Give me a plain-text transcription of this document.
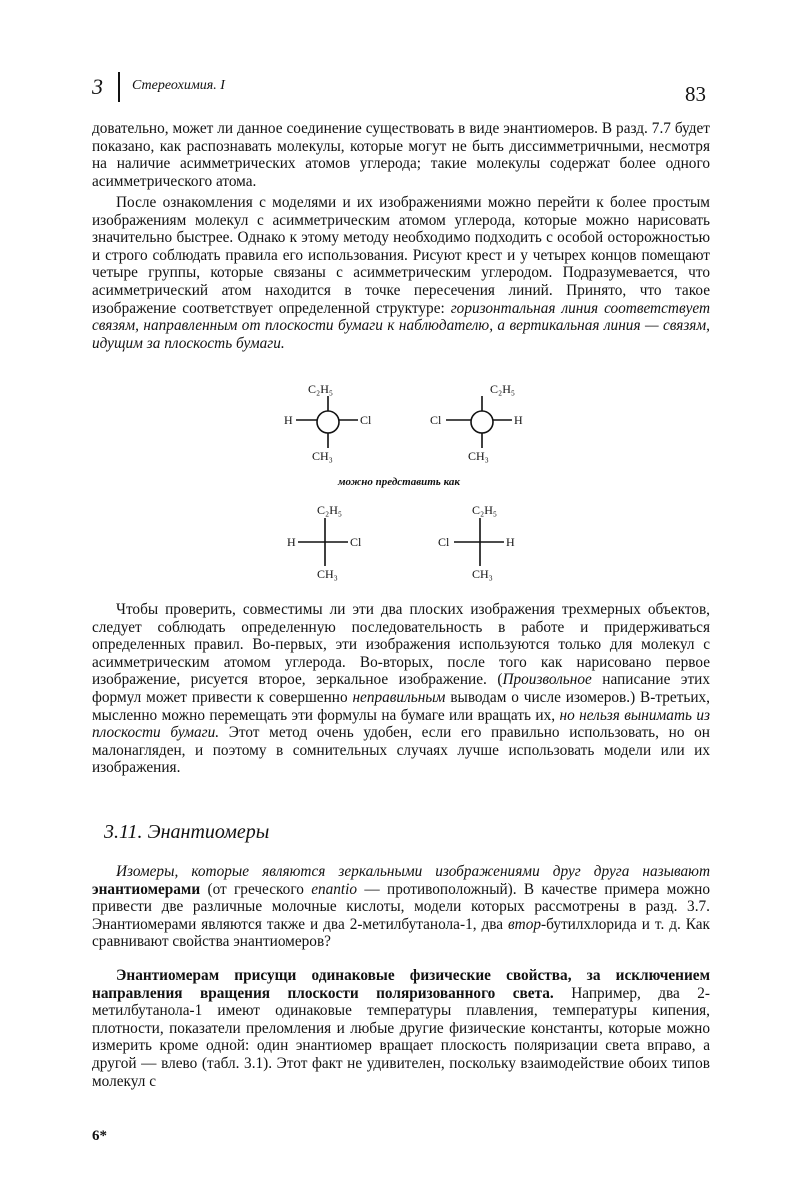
3 Стереохимия. I	83

довательно, может ли данное соединение существовать в виде энантиомеров. В разд. 7.7 будет показано, как распознавать молекулы, которые могут не быть диссимметричными, несмотря на наличие асимметрических атомов углерода; такие молекулы содержат более одного асимметрического атома.

После ознакомления с моделями и их изображениями можно перейти к более простым изображениям молекул с асимметрическим атомом углерода, которые можно нарисовать значительно быстрее. Однако к этому методу необходимо подходить с особой осторожностью и строго соблюдать правила его использования. Рисуют крест и у четырех концов помещают четыре группы, которые связаны с асимметрическим углеродом. Подразумевается, что асимметрический атом находится в точке пересечения линий. Принято, что такое изображение соответствует определенной структуре: горизонтальная линия соответствует связям, направленным от плоскости бумаги к наблюдателю, а вертикальная линия — связям, идущим за плоскость бумаги.

C₂H₅
H	Cl
CH₃
C₂H₅
Cl	H
CH₃
можно представить как
C₂H₅
H	Cl
CH₃
C₂H₅
Cl	H
CH₃

Чтобы проверить, совместимы ли эти два плоских изображения трехмерных объектов, следует соблюдать определенную последовательность в работе и придерживаться определенных правил. Во-первых, эти изображения используются только для молекул с асимметрическим атомом углерода. Во-вторых, после того как нарисовано первое изображение, рисуется второе, зеркальное изображение. (Произвольное написание этих формул может привести к совершенно неправильным выводам о числе изомеров.) В-третьих, мысленно можно перемещать эти формулы на бумаге или вращать их, но нельзя вынимать из плоскости бумаги. Этот метод очень удобен, если его правильно использовать, но он малонагляден, и поэтому в сомнительных случаях лучше использовать модели или их изображения.

3.11. Энантиомеры

Изомеры, которые являются зеркальными изображениями друг друга называют энантиомерами (от греческого enantio — противоположный). В качестве примера можно привести две различные молочные кислоты, модели которых рассмотрены в разд. 3.7. Энантиомерами являются также и два 2-метилбутанола-1, два втор-бутилхлорида и т. д. Как сравнивают свойства энантиомеров?

Энантиомерам присущи одинаковые физические свойства, за исключением направления вращения плоскости поляризованного света. Например, два 2-метилбутанола-1 имеют одинаковые температуры плавления, температуры кипения, плотности, показатели преломления и любые другие физические константы, которые можно измерить кроме одной: один энантиомер вращает плоскость поляризации света вправо, а другой — влево (табл. 3.1). Этот факт не удивителен, поскольку взаимодействие обоих типов молекул с

6*
